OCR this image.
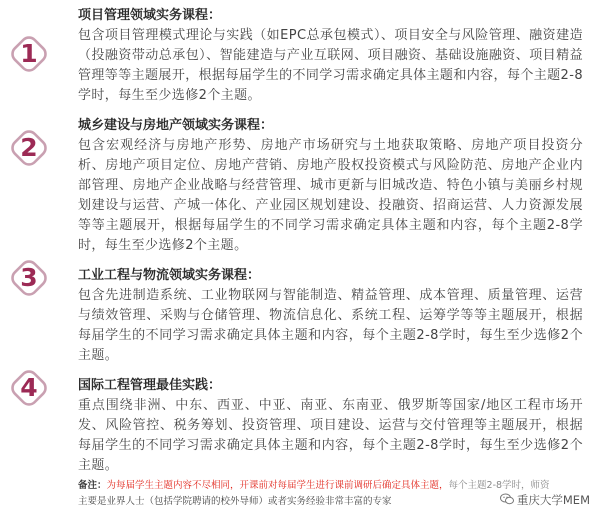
1
项目管理领域实务课程：
包含项目管理模式理论与实践（如EPC总承包模式）、项目安全与风险管理、融资建造（投融资带动总承包）、智能建造与产业互联网、项目融资、基础设施融资、项目精益管理等等主题展开，根据每届学生的不同学习需求确定具体主题和内容，每个主题2-8学时，每生至少选修2个主题。
2
城乡建设与房地产领域实务课程：
包含宏观经济与房地产形势、房地产市场研究与土地获取策略、房地产项目投资分析、房地产项目定位、房地产营销、房地产股权投资模式与风险防范、房地产企业内部管理、房地产企业战略与经营管理、城市更新与旧城改造、特色小镇与美丽乡村规划建设与运营、产城一体化、产业园区规划建设、投融资、招商运营、人力资源发展等等主题展开，根据每届学生的不同学习需求确定具体主题和内容，每个主题2-8学时，每生至少选修2个主题。
3	工业工程与物流领域实务课程：
包含先进制造系统、工业物联网与智能制造、精益管理、成本管理、质量管理、运营与绩效管理、采购与仓储管理、物流信息化、系统工程、运筹学等等主题展开，根据每届学生的不同学习需求确定具体主题和内容，每个主题2-8学时，每生至少选修2个主题。
4	国际工程管理最佳实践：
重点围绕非洲、中东、西亚、中亚、南亚、东南亚、俄罗斯等国家/地区工程市场开发、风险管控、税务筹划、投资管理、项目建设、运营与交付管理等主题展开，根据每届学生的不同学习需求确定具体主题和内容，每个主题2-8学时，每生至少选修2个主题。
备注：为每届学生主题内容不尽相同，开课前对每届学生进行课前调研后确定具体主题，每个主题2-8学时，师资
主要是业界人士（包括学院聘请的校外导师）或者实务经验非常丰富的专家	重庆大学MEM
